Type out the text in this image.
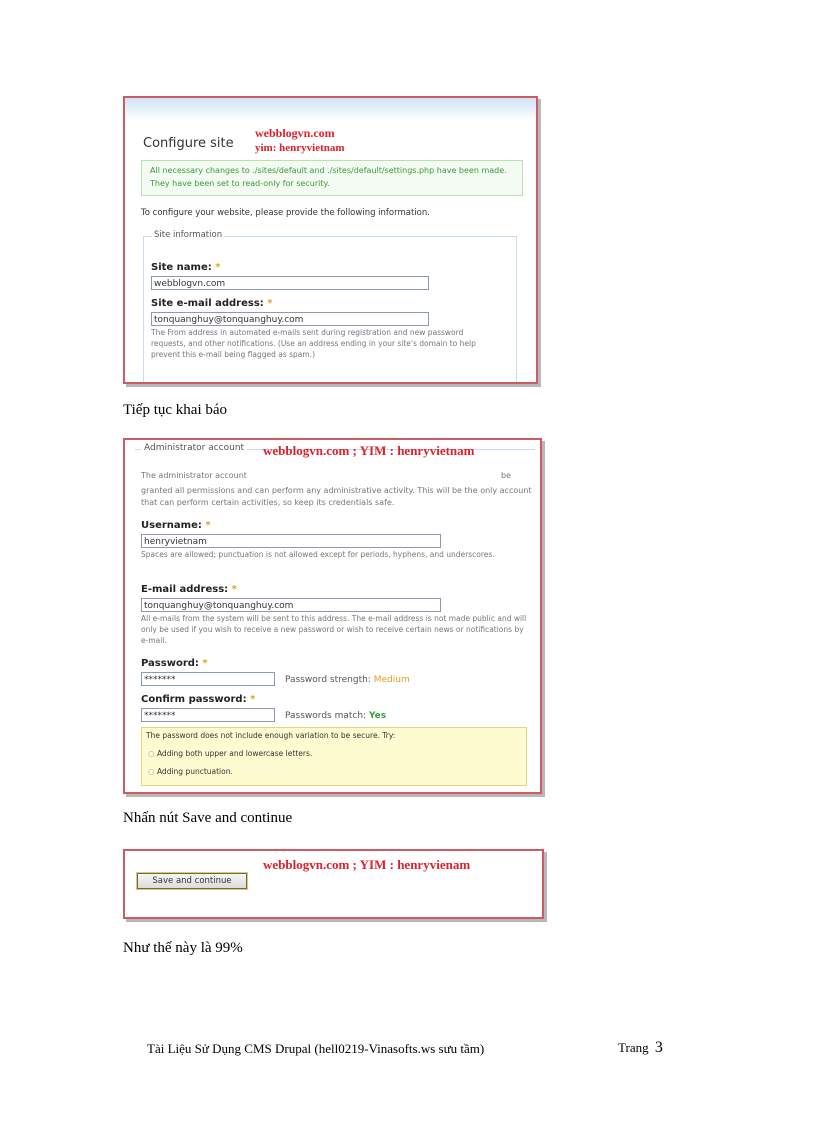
Configure site
webblogvn.com
yim: henryvietnam
All necessary changes to ./sites/default and ./sites/default/settings.php have been made. They have been set to read-only for security.
To configure your website, please provide the following information.
Site information
Site name: *
webblogvn.com
Site e-mail address: *
tonquanghuy@tonquanghuy.com
The From address in automated e-mails sent during registration and new password requests, and other notifications. (Use an address ending in your site's domain to help prevent this e-mail being flagged as spam.)
Tiếp tục khai báo
Administrator account webblogvn.com ; YIM : henryvietnam
The administrator account	be
granted all permissions and can perform any administrative activity. This will be the only account that can perform certain activities, so keep its credentials safe.
Username: *
henryvietnam
Spaces are allowed; punctuation is not allowed except for periods, hyphens, and underscores.
E-mail address: *
tonquanghuy@tonquanghuy.com
All e-mails from the system will be sent to this address. The e-mail address is not made public and will only be used if you wish to receive a new password or wish to receive certain news or notifications by e-mail.
Password: *
*******	Password strength: Medium
Confirm password: *
*******	Passwords match: Yes
The password does not include enough variation to be secure. Try:
○ Adding both upper and lowercase letters.
○ Adding punctuation.
Nhấn nút Save and continue
webblogvn.com ; YIM : henryvienam
Save and continue
Như thế này là 99%
Tài Liệu Sử Dụng CMS Drupal (hell0219-Vinasofts.ws sưu tầm)	Trang 3
